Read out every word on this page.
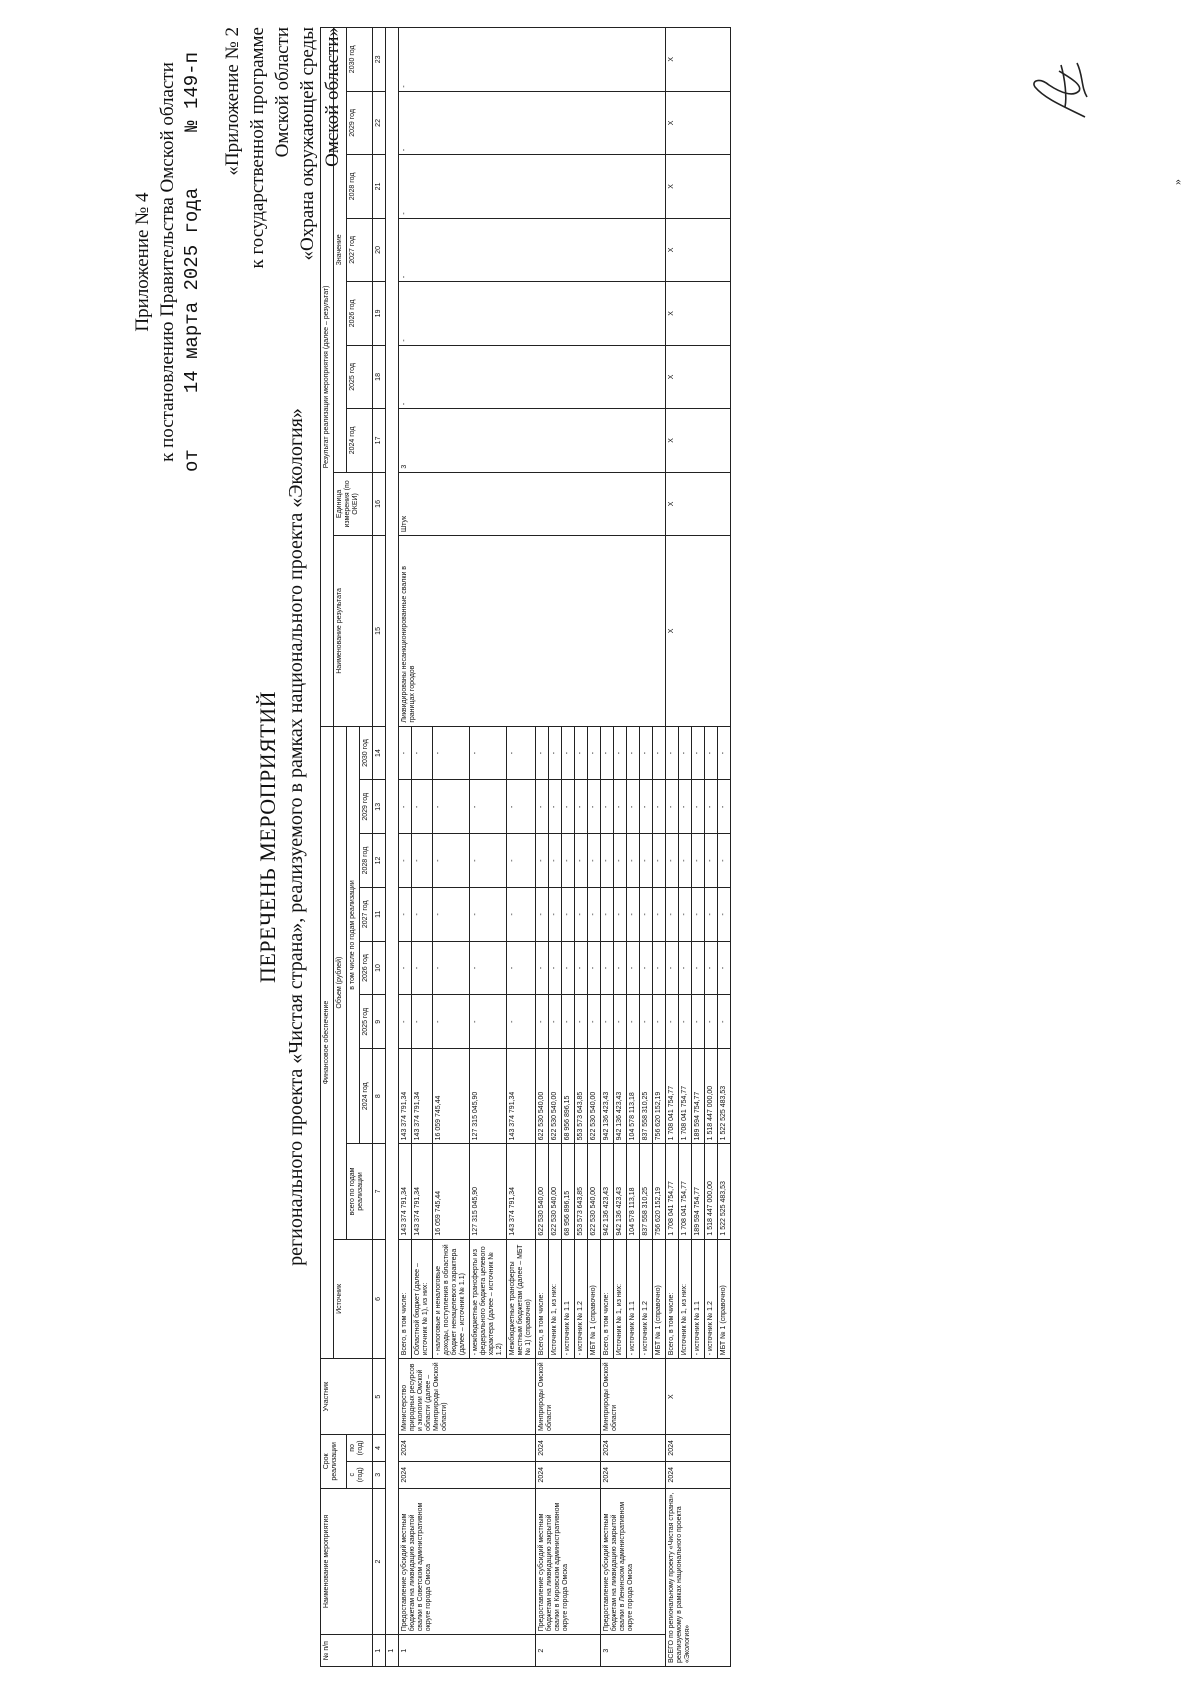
Приложение № 4 к постановлению Правительства Омской области от
14 марта 2025 года
№ 149-п «Приложение № 2 к государственной программе Омской области «Охрана окружающей среды Омской области»
ПЕРЕЧЕНЬ МЕРОПРИЯТИЙ регионального проекта «Чистая страна», реализуемого в рамках национального проекта «Экология»
№ п/п	Наименование мероприятия	Срок реализации		Участник	Финансовое обеспечение									Результат реализации мероприятия (далее – результат)								
					Источник	Объем (рублей)								Наименование результата	Единица измерения (по ОКЕИ)	Значение						
		с (год)	по (год)			всего по годам реализации	в том числе по годам реализации									2024 год	2025 год	2026 год	2027 год	2028 год	2029 год	2030 год
							2024 год	2025 год	2026 год	2027 год	2028 год	2029 год	2030 год									
1	2	3	4	5	6	7	8	9	10	11	12	13	14	15	16	17	18	19	20	21	22	23
1																						
1	Предоставление субсидий местным бюджетам на ликвидацию закрытой свалки в Советском административном округе города Омска	2024	2024	Министерство природных ресурсов и экологии Омской области (далее – Минприроды Омской области)	Всего, в том числе:	143 374 791,34	143 374 791,34	-	-	-	-	-	-	Ликвидированы несанкционированные свалки в границах городов	Штук	3	-	-	-	-	-	-
					Областной бюджет (далее – источник № 1), из них:	143 374 791,34	143 374 791,34	-	-	-	-	-	-									
					- налоговые и неналоговые доходы, поступления в областной бюджет ненацелевого характера (далее – источник № 1.1)	16 059 745,44	16 059 745,44	-	-	-	-	-	-									
					- межбюджетные трансферты из федерального бюджета целевого характера (далее – источник № 1.2)	127 315 045,90	127 315 045,90	-	-	-	-	-	-									
					Межбюджетные трансферты местным бюджетам (далее – МБТ № 1) (справочно)	143 374 791,34	143 374 791,34	-	-	-	-	-	-									
2	Предоставление субсидий местным бюджетам на ликвидацию закрытой свалки в Кировском административном округе города Омска	2024	2024	Минприроды Омской области	Всего, в том числе:	622 530 540,00	622 530 540,00	-	-	-	-	-	-									
					Источник № 1, из них:	622 530 540,00	622 530 540,00	-	-	-	-	-	-									
					- источник № 1.1	68 956 896,15	68 956 896,15	-	-	-	-	-	-									
					- источник № 1.2	553 573 643,85	553 573 643,85	-	-	-	-	-	-									
					МБТ № 1 (справочно)	622 530 540,00	622 530 540,00	-	-	-	-	-	-									
3	Предоставление субсидий местным бюджетам на ликвидацию закрытой свалки в Ленинском административном округе города Омска	2024	2024	Минприроды Омской области	Всего, в том числе:	942 136 423,43	942 136 423,43	-	-	-	-	-	-									
					Источник № 1, из них:	942 136 423,43	942 136 423,43	-	-	-	-	-	-									
					- источник № 1.1	104 578 113,18	104 578 113,18	-	-	-	-	-	-									
					- источник № 1.2	837 558 310,25	837 558 310,25	-	-	-	-	-	-									
					МБТ № 1 (справочно)	756 620 152,19	756 620 152,19	-	-	-	-	-	-									
ВСЕГО по региональному проекту «Чистая страна», реализуемому в рамках национального проекта «Экология»		2024	2024	Х	Всего, в том числе:	1 708 041 754,77	1 708 041 754,77	-	-	-	-	-	-	Х	Х	Х	Х	Х	Х	Х	Х	Х
					Источник № 1, из них:	1 708 041 754,77	1 708 041 754,77	-	-	-	-	-	-									
					- источник № 1.1	189 594 754,77	189 594 754,77	-	-	-	-	-	-									
					- источник № 1.2	1 518 447 000,00	1 518 447 000,00	-	-	-	-	-	-									
					МБТ № 1 (справочно)	1 522 525 483,53	1 522 525 483,53	-	-	-	-	-	-									
»
